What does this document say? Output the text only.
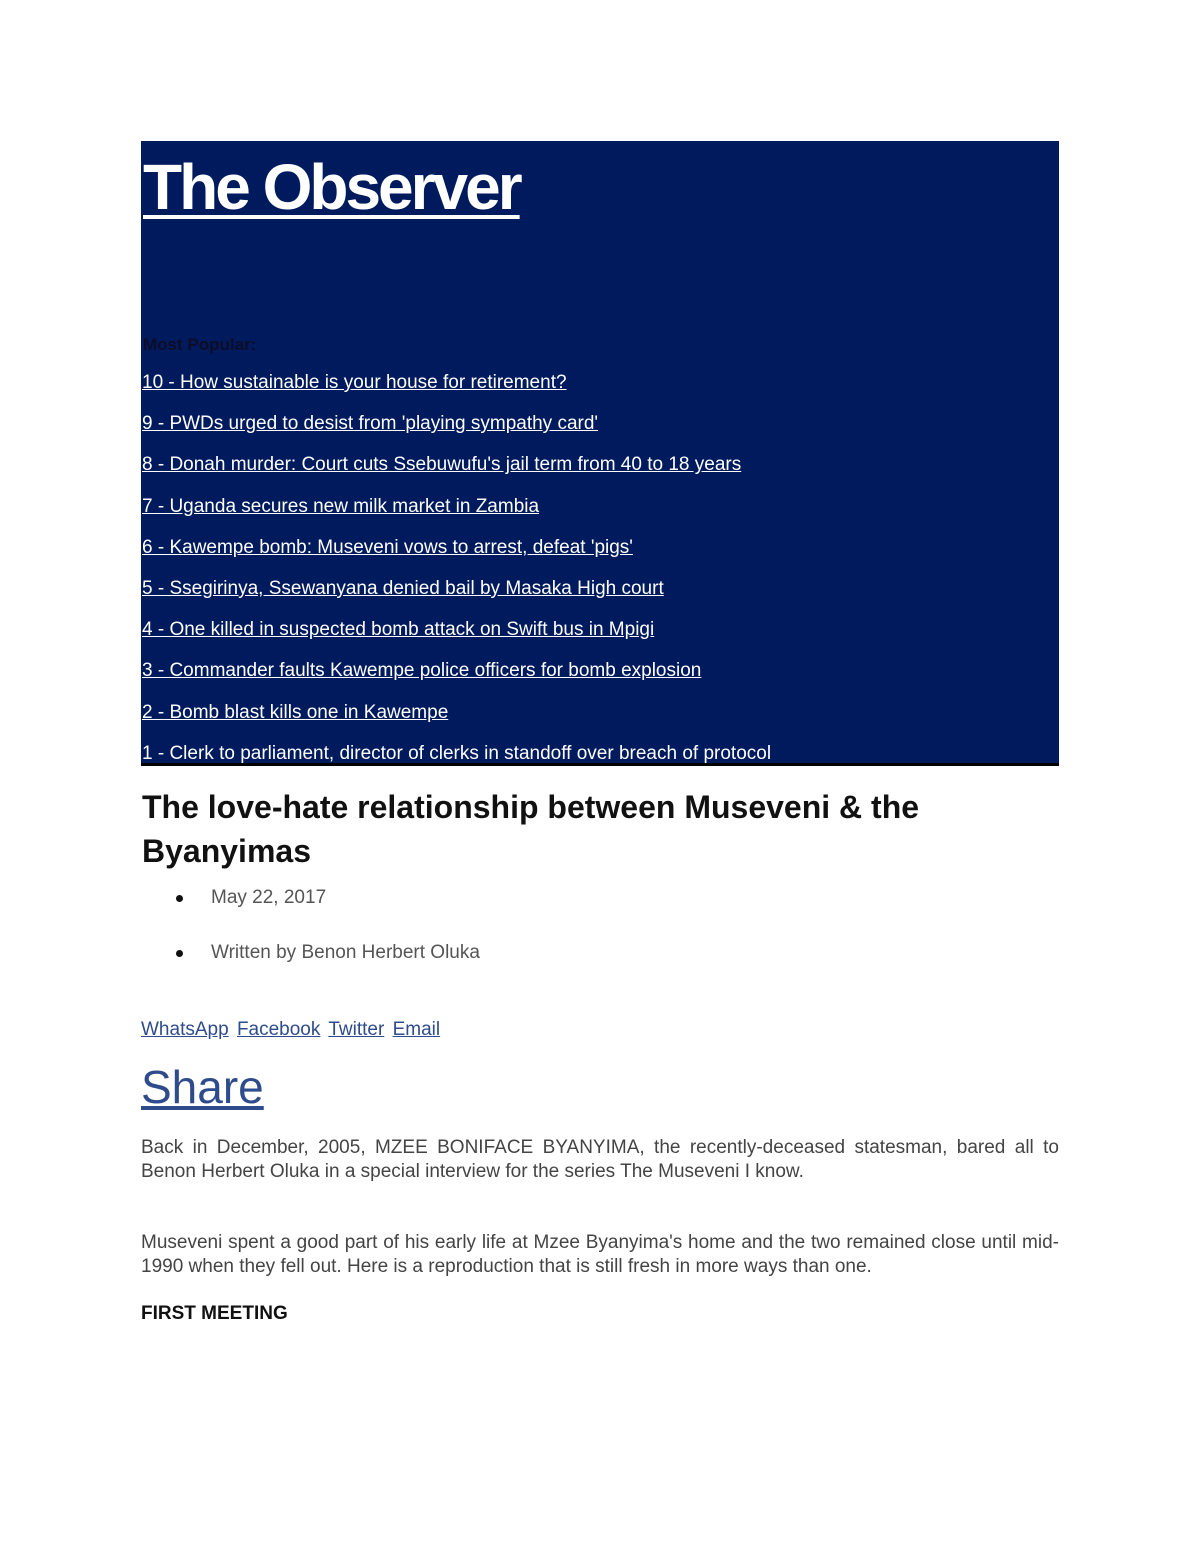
The Observer
Most Popular:
10 - How sustainable is your house for retirement?
9 - PWDs urged to desist from 'playing sympathy card'
8 - Donah murder: Court cuts Ssebuwufu's jail term from 40 to 18 years
7 - Uganda secures new milk market in Zambia
6 - Kawempe bomb: Museveni vows to arrest, defeat 'pigs'
5 - Ssegirinya, Ssewanyana denied bail by Masaka High court
4 - One killed in suspected bomb attack on Swift bus in Mpigi
3 - Commander faults Kawempe police officers for bomb explosion
2 - Bomb blast kills one in Kawempe
1 - Clerk to parliament, director of clerks in standoff over breach of protocol
The love-hate relationship between Museveni & the Byanyimas
May 22, 2017
Written by Benon Herbert Oluka
WhatsApp Facebook Twitter Email
Share

Back in December, 2005, MZEE BONIFACE BYANYIMA, the recently-deceased statesman, bared all to Benon Herbert Oluka in a special interview for the series The Museveni I know.

Museveni spent a good part of his early life at Mzee Byanyima's home and the two remained close until mid-1990 when they fell out. Here is a reproduction that is still fresh in more ways than one.

FIRST MEETING
